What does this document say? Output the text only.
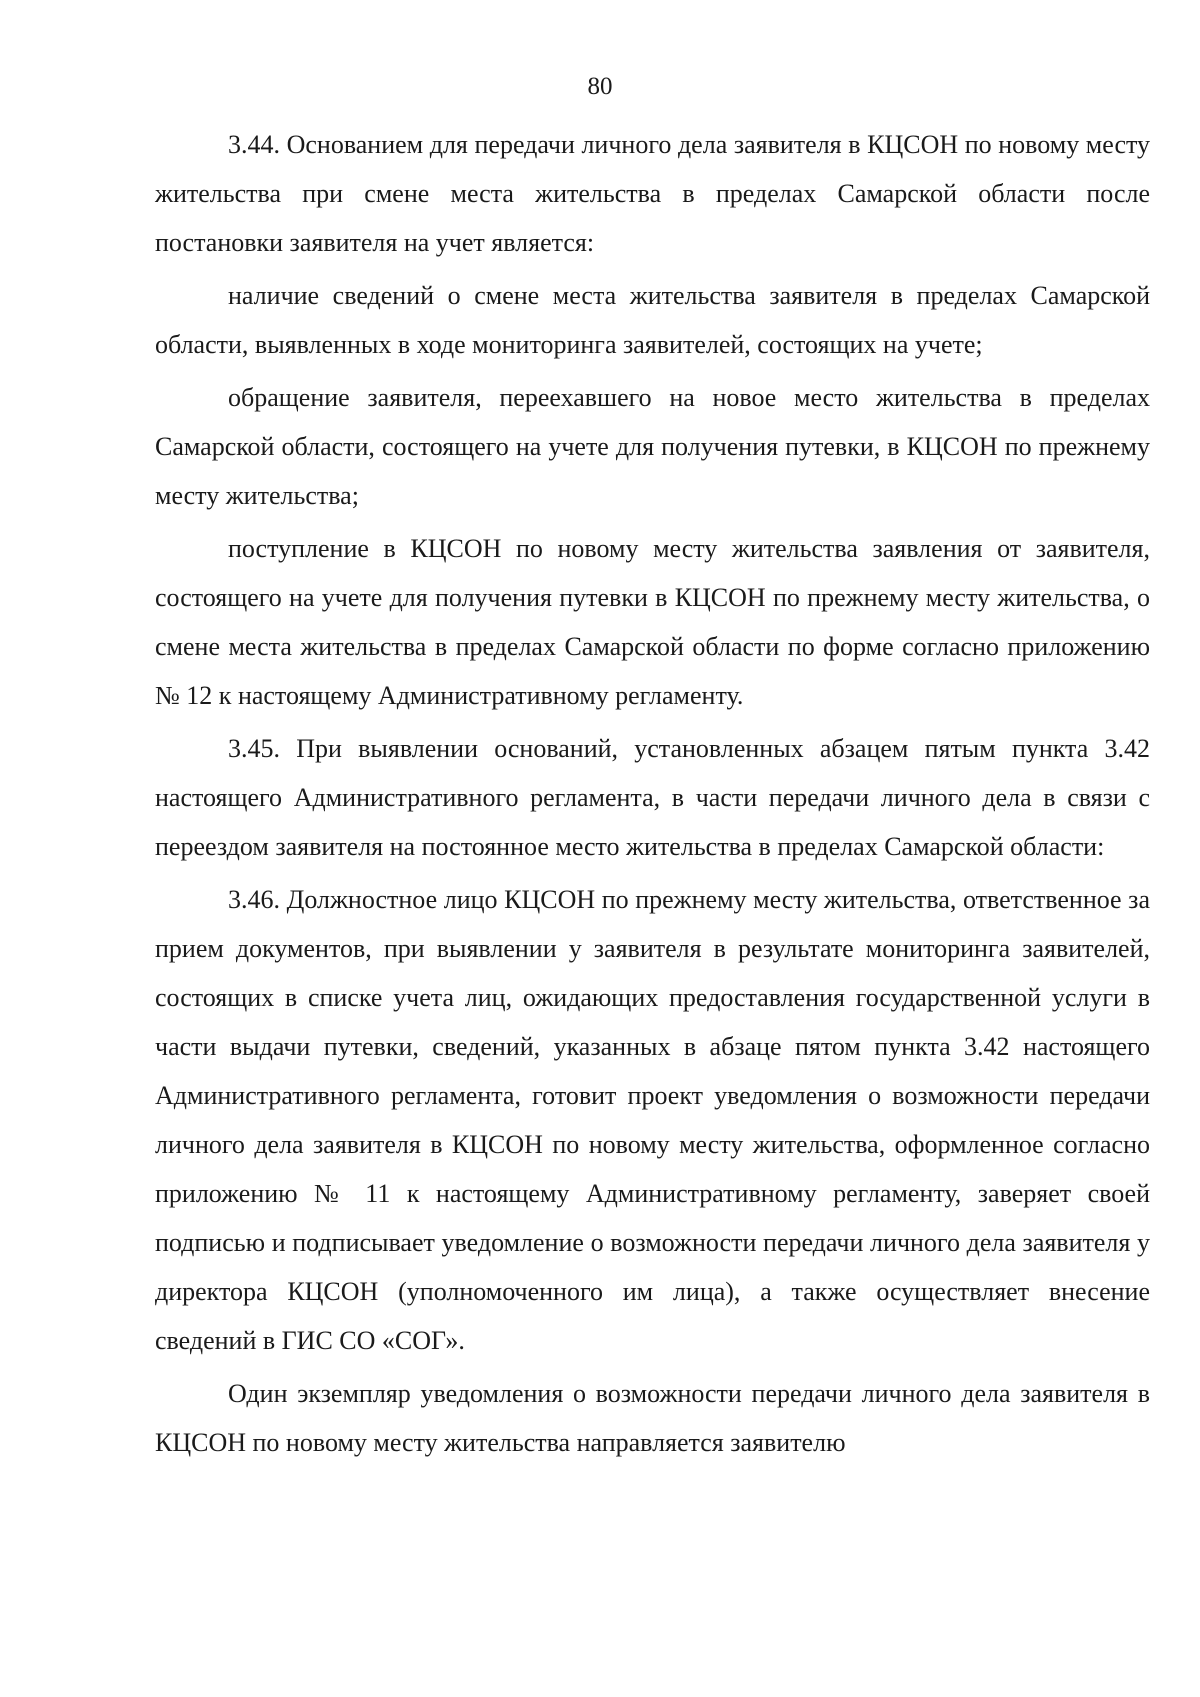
80

3.44. Основанием для передачи личного дела заявителя в КЦСОН по новому месту жительства при смене места жительства в пределах Самарской области после постановки заявителя на учет является:

наличие сведений о смене места жительства заявителя в пределах Самарской области, выявленных в ходе мониторинга заявителей, состоящих на учете;

обращение заявителя, переехавшего на новое место жительства в пределах Самарской области, состоящего на учете для получения путевки, в КЦСОН по прежнему месту жительства;

поступление в КЦСОН по новому месту жительства заявления от заявителя, состоящего на учете для получения путевки в КЦСОН по прежнему месту жительства, о смене места жительства в пределах Самарской области по форме согласно приложению № 12 к настоящему Административному регламенту.

3.45. При выявлении оснований, установленных абзацем пятым пункта 3.42 настоящего Административного регламента, в части передачи личного дела в связи с переездом заявителя на постоянное место жительства в пределах Самарской области:

3.46. Должностное лицо КЦСОН по прежнему месту жительства, ответственное за прием документов, при выявлении у заявителя в результате мониторинга заявителей, состоящих в списке учета лиц, ожидающих предоставления государственной услуги в части выдачи путевки, сведений, указанных в абзаце пятом пункта 3.42 настоящего Административного регламента, готовит проект уведомления о возможности передачи личного дела заявителя в КЦСОН по новому месту жительства, оформленное согласно приложению № 11 к настоящему Административному регламенту, заверяет своей подписью и подписывает уведомление о возможности передачи личного дела заявителя у директора КЦСОН (уполномоченного им лица), а также осуществляет внесение сведений в ГИС СО «СОГ».

Один экземпляр уведомления о возможности передачи личного дела заявителя в КЦСОН по новому месту жительства направляется заявителю
